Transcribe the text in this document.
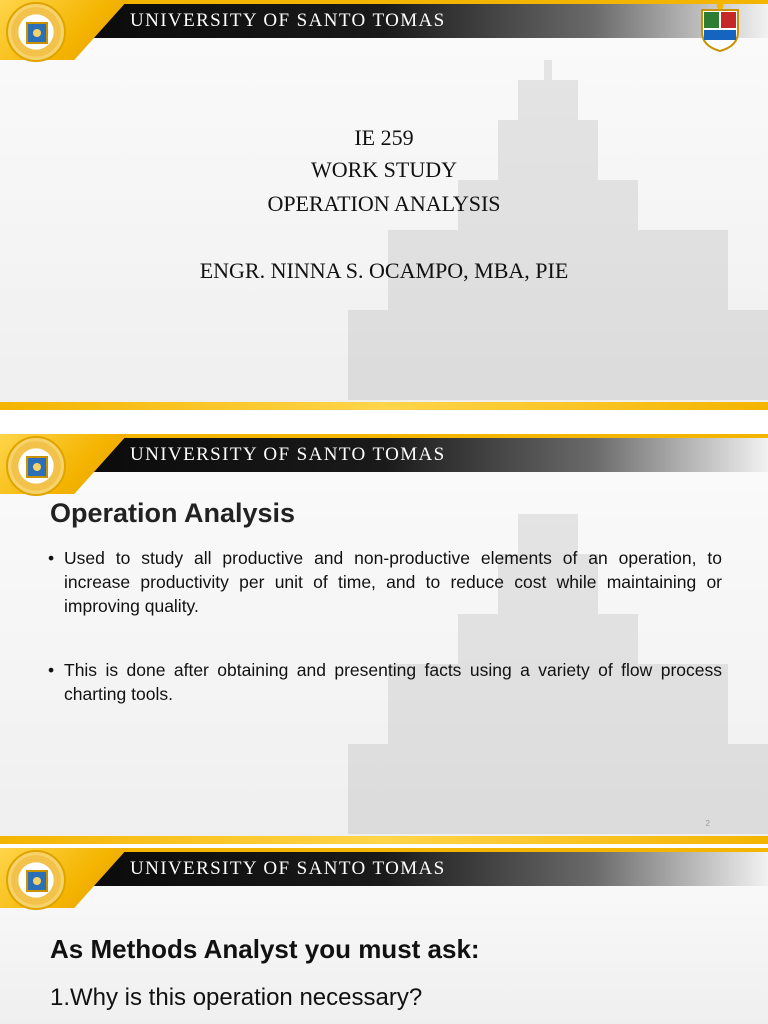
UNIVERSITY OF SANTO TOMAS
IE 259
WORK STUDY
OPERATION ANALYSIS
ENGR. NINNA S. OCAMPO, MBA, PIE
UNIVERSITY OF SANTO TOMAS
Operation Analysis
• Used to study all productive and non-productive elements of an operation, to increase productivity per unit of time, and to reduce cost while maintaining or improving quality.
• This is done after obtaining and presenting facts using a variety of flow process charting tools.
2
UNIVERSITY OF SANTO TOMAS
As Methods Analyst you must ask:
1.Why is this operation necessary?
